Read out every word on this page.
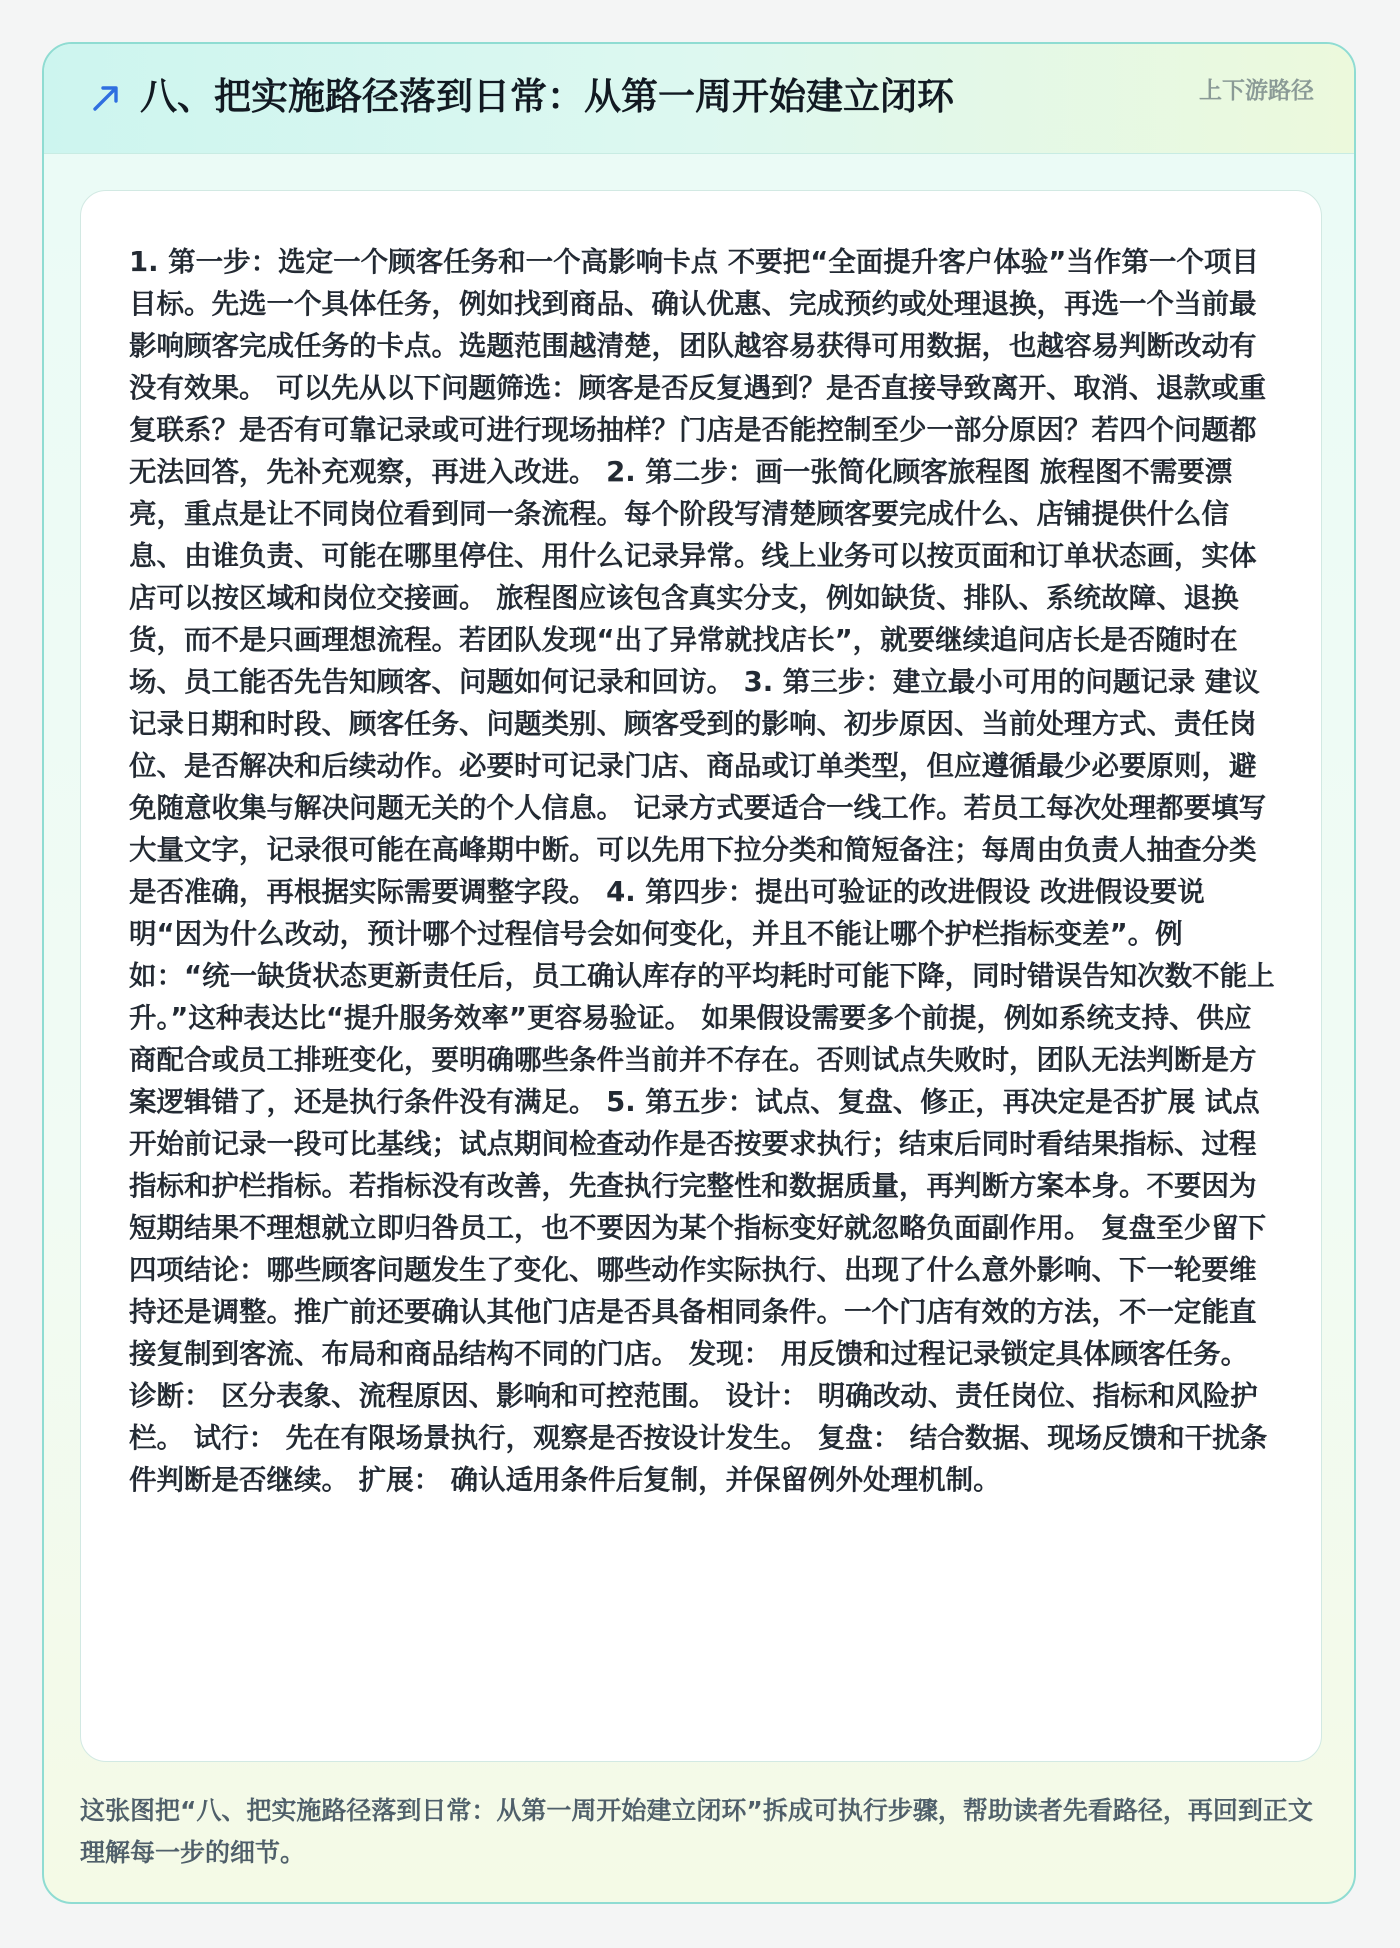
八、把实施路径落到日常：从第一周开始建立闭环	上下游路径
1. 第一步：选定一个顾客任务和一个高影响卡点 不要把“全面提升客户体验”当作第一个项目目标。先选一个具体任务，例如找到商品、确认优惠、完成预约或处理退换，再选一个当前最影响顾客完成任务的卡点。选题范围越清楚，团队越容易获得可用数据，也越容易判断改动有没有效果。 可以先从以下问题筛选：顾客是否反复遇到？是否直接导致离开、取消、退款或重复联系？是否有可靠记录或可进行现场抽样？门店是否能控制至少一部分原因？若四个问题都无法回答，先补充观察，再进入改进。 2. 第二步：画一张简化顾客旅程图 旅程图不需要漂亮，重点是让不同岗位看到同一条流程。每个阶段写清楚顾客要完成什么、店铺提供什么信息、由谁负责、可能在哪里停住、用什么记录异常。线上业务可以按页面和订单状态画，实体店可以按区域和岗位交接画。 旅程图应该包含真实分支，例如缺货、排队、系统故障、退换货，而不是只画理想流程。若团队发现“出了异常就找店长”，就要继续追问店长是否随时在场、员工能否先告知顾客、问题如何记录和回访。 3. 第三步：建立最小可用的问题记录 建议记录日期和时段、顾客任务、问题类别、顾客受到的影响、初步原因、当前处理方式、责任岗位、是否解决和后续动作。必要时可记录门店、商品或订单类型，但应遵循最少必要原则，避免随意收集与解决问题无关的个人信息。 记录方式要适合一线工作。若员工每次处理都要填写大量文字，记录很可能在高峰期中断。可以先用下拉分类和简短备注；每周由负责人抽查分类是否准确，再根据实际需要调整字段。 4. 第四步：提出可验证的改进假设 改进假设要说明“因为什么改动，预计哪个过程信号会如何变化，并且不能让哪个护栏指标变差”。例如：“统一缺货状态更新责任后，员工确认库存的平均耗时可能下降，同时错误告知次数不能上升。”这种表达比“提升服务效率”更容易验证。 如果假设需要多个前提，例如系统支持、供应商配合或员工排班变化，要明确哪些条件当前并不存在。否则试点失败时，团队无法判断是方案逻辑错了，还是执行条件没有满足。 5. 第五步：试点、复盘、修正，再决定是否扩展 试点开始前记录一段可比基线；试点期间检查动作是否按要求执行；结束后同时看结果指标、过程指标和护栏指标。若指标没有改善，先查执行完整性和数据质量，再判断方案本身。不要因为短期结果不理想就立即归咎员工，也不要因为某个指标变好就忽略负面副作用。 复盘至少留下四项结论：哪些顾客问题发生了变化、哪些动作实际执行、出现了什么意外影响、下一轮要维持还是调整。推广前还要确认其他门店是否具备相同条件。一个门店有效的方法，不一定能直接复制到客流、布局和商品结构不同的门店。 发现： 用反馈和过程记录锁定具体顾客任务。 诊断： 区分表象、流程原因、影响和可控范围。 设计： 明确改动、责任岗位、指标和风险护栏。 试行： 先在有限场景执行，观察是否按设计发生。 复盘： 结合数据、现场反馈和干扰条件判断是否继续。 扩展： 确认适用条件后复制，并保留例外处理机制。
这张图把“八、把实施路径落到日常：从第一周开始建立闭环”拆成可执行步骤，帮助读者先看路径，再回到正文理解每一步的细节。
